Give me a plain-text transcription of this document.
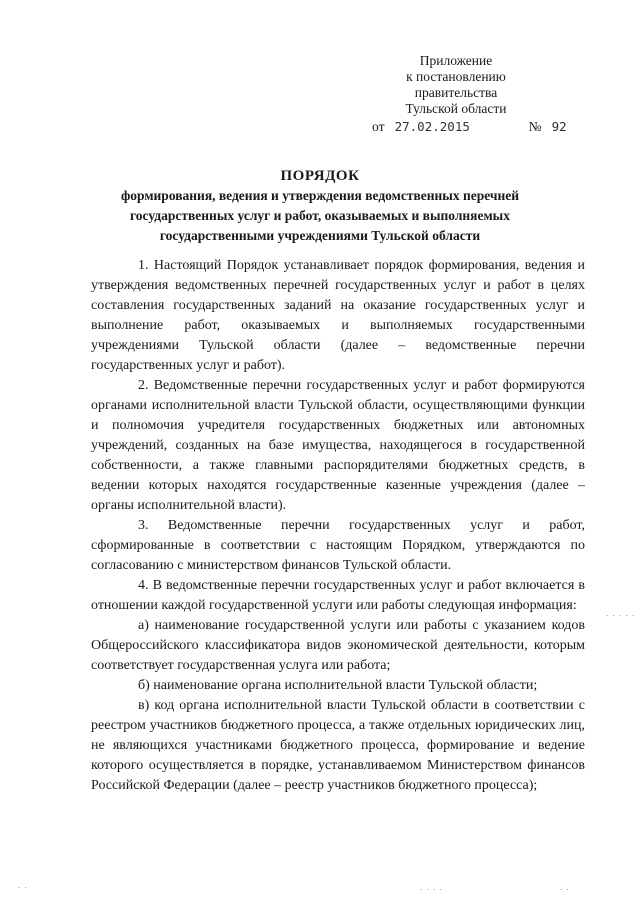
Приложение
к постановлению правительства
Тульской области
от 27.02.2015	№ 92
ПОРЯДОК
формирования, ведения и утверждения ведомственных перечней государственных услуг и работ, оказываемых и выполняемых государственными учреждениями Тульской области

1. Настоящий Порядок устанавливает порядок формирования, ведения и утверждения ведомственных перечней государственных услуг и работ в целях составления государственных заданий на оказание государственных услуг и выполнение работ, оказываемых и выполняемых государственными учреждениями Тульской области (далее – ведомственные перечни государственных услуг и работ).

2. Ведомственные перечни государственных услуг и работ формируются органами исполнительной власти Тульской области, осуществляющими функции и полномочия учредителя государственных бюджетных или автономных учреждений, созданных на базе имущества, находящегося в государственной собственности, а также главными распорядителями бюджетных средств, в ведении которых находятся государственные казенные учреждения (далее – органы исполнительной власти).

3. Ведомственные перечни государственных услуг и работ, сформированные в соответствии с настоящим Порядком, утверждаются по согласованию с министерством финансов Тульской области.

4. В ведомственные перечни государственных услуг и работ включается в отношении каждой государственной услуги или работы следующая информация:

а) наименование государственной услуги или работы с указанием кодов Общероссийского классификатора видов экономической деятельности, которым соответствует государственная услуга или работа;

б) наименование органа исполнительной власти Тульской области;

в) код органа исполнительной власти Тульской области в соответствии с реестром участников бюджетного процесса, а также отдельных юридических лиц, не являющихся участниками бюджетного процесса, формирование и ведение которого осуществляется в порядке, устанавливаемом Министерством финансов Российской Федерации (далее – реестр участников бюджетного процесса);

. . . . .
. .	. . . .	. .
